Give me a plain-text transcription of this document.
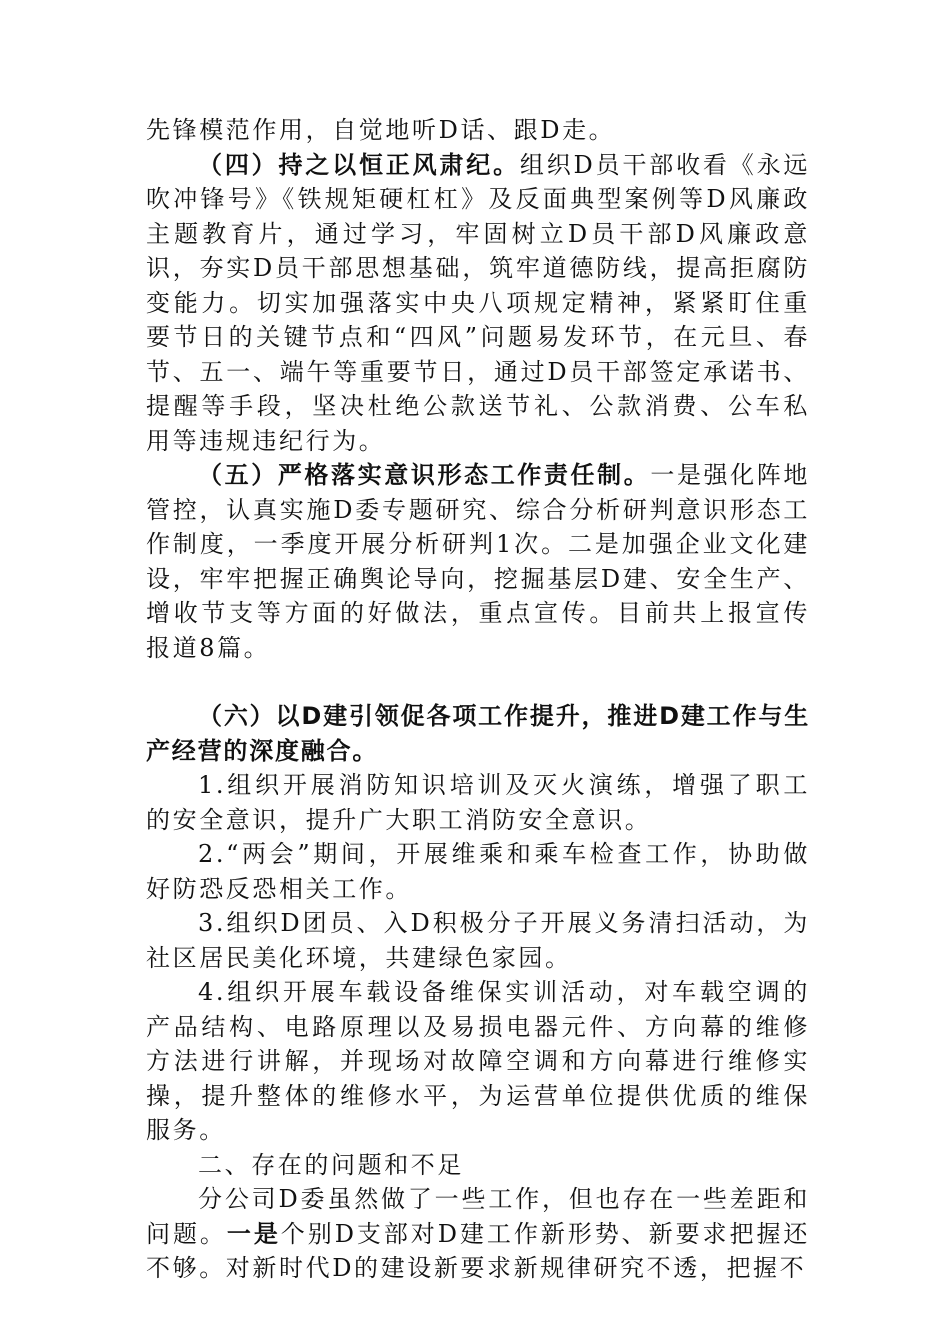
先锋模范作用，自觉地听D话、跟D走。

（四）持之以恒正风肃纪。组织D员干部收看《永远吹冲锋号》《铁规矩硬杠杠》及反面典型案例等D风廉政主题教育片，通过学习，牢固树立D员干部D风廉政意识，夯实D员干部思想基础，筑牢道德防线，提高拒腐防变能力。切实加强落实中央八项规定精神，紧紧盯住重要节日的关键节点和“四风”问题易发环节，在元旦、春节、五一、端午等重要节日，通过D员干部签定承诺书、提醒等手段，坚决杜绝公款送节礼、公款消费、公车私用等违规违纪行为。

（五）严格落实意识形态工作责任制。一是强化阵地管控，认真实施D委专题研究、综合分析研判意识形态工作制度，一季度开展分析研判1次。二是加强企业文化建设，牢牢把握正确舆论导向，挖掘基层D建、安全生产、增收节支等方面的好做法，重点宣传。目前共上报宣传报道8篇。

（六）以D建引领促各项工作提升，推进D建工作与生产经营的深度融合。

1.组织开展消防知识培训及灭火演练，增强了职工的安全意识，提升广大职工消防安全意识。

2.“两会”期间，开展维乘和乘车检查工作，协助做好防恐反恐相关工作。

3.组织D团员、入D积极分子开展义务清扫活动，为社区居民美化环境，共建绿色家园。

4.组织开展车载设备维保实训活动，对车载空调的产品结构、电路原理以及易损电器元件、方向幕的维修方法进行讲解，并现场对故障空调和方向幕进行维修实操，提升整体的维修水平，为运营单位提供优质的维保服务。

二、存在的问题和不足

分公司D委虽然做了一些工作，但也存在一些差距和问题。一是个别D支部对D建工作新形势、新要求把握还不够。对新时代D的建设新要求新规律研究不透，把握不
